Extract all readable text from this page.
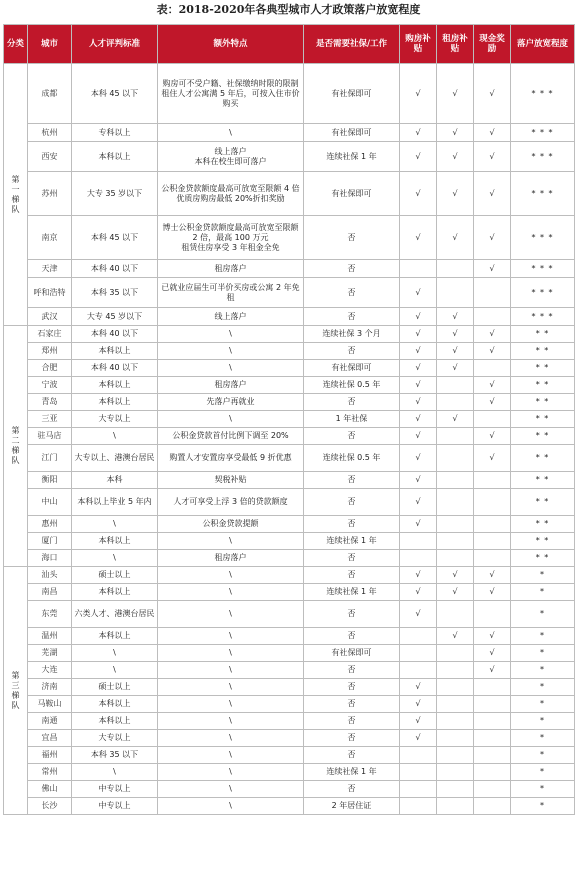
表：2018-2020年各典型城市人才政策落户放宽程度
分类	城市	人才评判标准	额外特点	是否需要社保/工作	购房补贴	租房补贴	现金奖励	落户放宽程度
第
一
梯
队	成都	本科 45 以下	购房可不受户籍、社保缴纳时限的限制
租住人才公寓满 5 年后，可按入住市价购买	有社保即可	√	√	√	* * *
	杭州	专科以上	\	有社保即可	√	√	√	* * *
	西安	本科以上	线上落户
本科在校生即可落户	连续社保 1 年	√	√	√	* * *
	苏州	大专 35 岁以下	公积金贷款额度最高可放宽至限额 4 倍
优质房购房最低 20%折扣奖励	有社保即可	√	√	√	* * *
	南京	本科 45 以下	博士公积金贷款额度最高可放宽至限额 2 倍，最高 100 万元
租赁住房享受 3 年租金全免	否	√	√	√	* * *
	天津	本科 40 以下	租房落户	否			√	* * *
	呼和浩特	本科 35 以下	已就业应届生可半价买房或公寓 2 年免租	否	√			* * *
	武汉	大专 45 岁以下	线上落户	否	√	√		* * *
第
二
梯
队	石家庄	本科 40 以下	\	连续社保 3 个月	√	√	√	* *
	郑州	本科以上	\	否	√	√	√	* *
	合肥	本科 40 以下	\	有社保即可	√	√		* *
	宁波	本科以上	租房落户	连续社保 0.5 年	√		√	* *
	青岛	本科以上	先落户再就业	否	√		√	* *
	三亚	大专以上	\	1 年社保	√	√		* *
	驻马店	\	公积金贷款首付比例下调至 20%	否	√		√	* *
	江门	大专以上、港澳台居民	购置人才安置房享受最低 9 折优惠	连续社保 0.5 年	√		√	* *
	衡阳	本科	契税补贴	否	√			* *
	中山	本科以上毕业 5 年内	人才可享受上浮 3 倍的贷款额度	否	√			* *
	惠州	\	公积金贷款提额	否	√			* *
	厦门	本科以上	\	连续社保 1 年				* *
	海口	\	租房落户	否				* *
第
三
梯
队	汕头	硕士以上	\	否	√	√	√	*
	南昌	本科以上	\	连续社保 1 年	√	√	√	*
	东莞	六类人才、港澳台居民	\	否	√			*
	温州	本科以上	\	否		√	√	*
	芜湖	\	\	有社保即可			√	*
	大连	\	\	否			√	*
	济南	硕士以上	\	否	√			*
	马鞍山	本科以上	\	否	√			*
	南通	本科以上	\	否	√			*
	宜昌	大专以上	\	否	√			*
	福州	本科 35 以下	\	否				*
	常州	\	\	连续社保 1 年				*
	佛山	中专以上	\	否				*
	长沙	中专以上	\	2 年居住证				*
